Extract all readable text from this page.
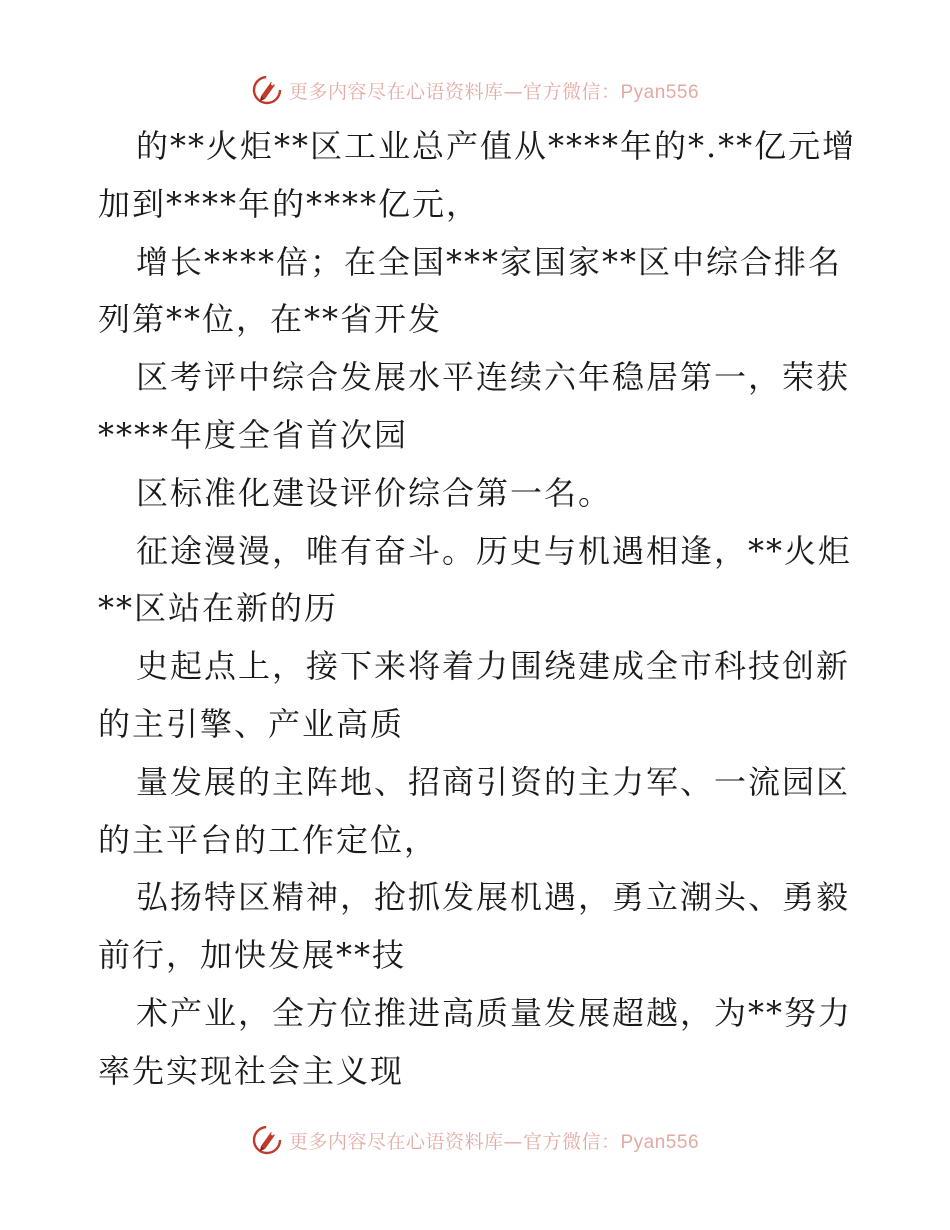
更多内容尽在心语资料库—官方微信：Pyan556
的**火炬**区工业总产值从****年的*.**亿元增
加到****年的****亿元，
增长****倍；在全国***家国家**区中综合排名
列第**位，在**省开发
区考评中综合发展水平连续六年稳居第一，荣获
****年度全省首次园
区标准化建设评价综合第一名。
征途漫漫，唯有奋斗。历史与机遇相逢，**火炬
**区站在新的历
史起点上，接下来将着力围绕建成全市科技创新
的主引擎、产业高质
量发展的主阵地、招商引资的主力军、一流园区
的主平台的工作定位，
弘扬特区精神，抢抓发展机遇，勇立潮头、勇毅
前行，加快发展**技
术产业，全方位推进高质量发展超越，为**努力
率先实现社会主义现
更多内容尽在心语资料库—官方微信：Pyan556
